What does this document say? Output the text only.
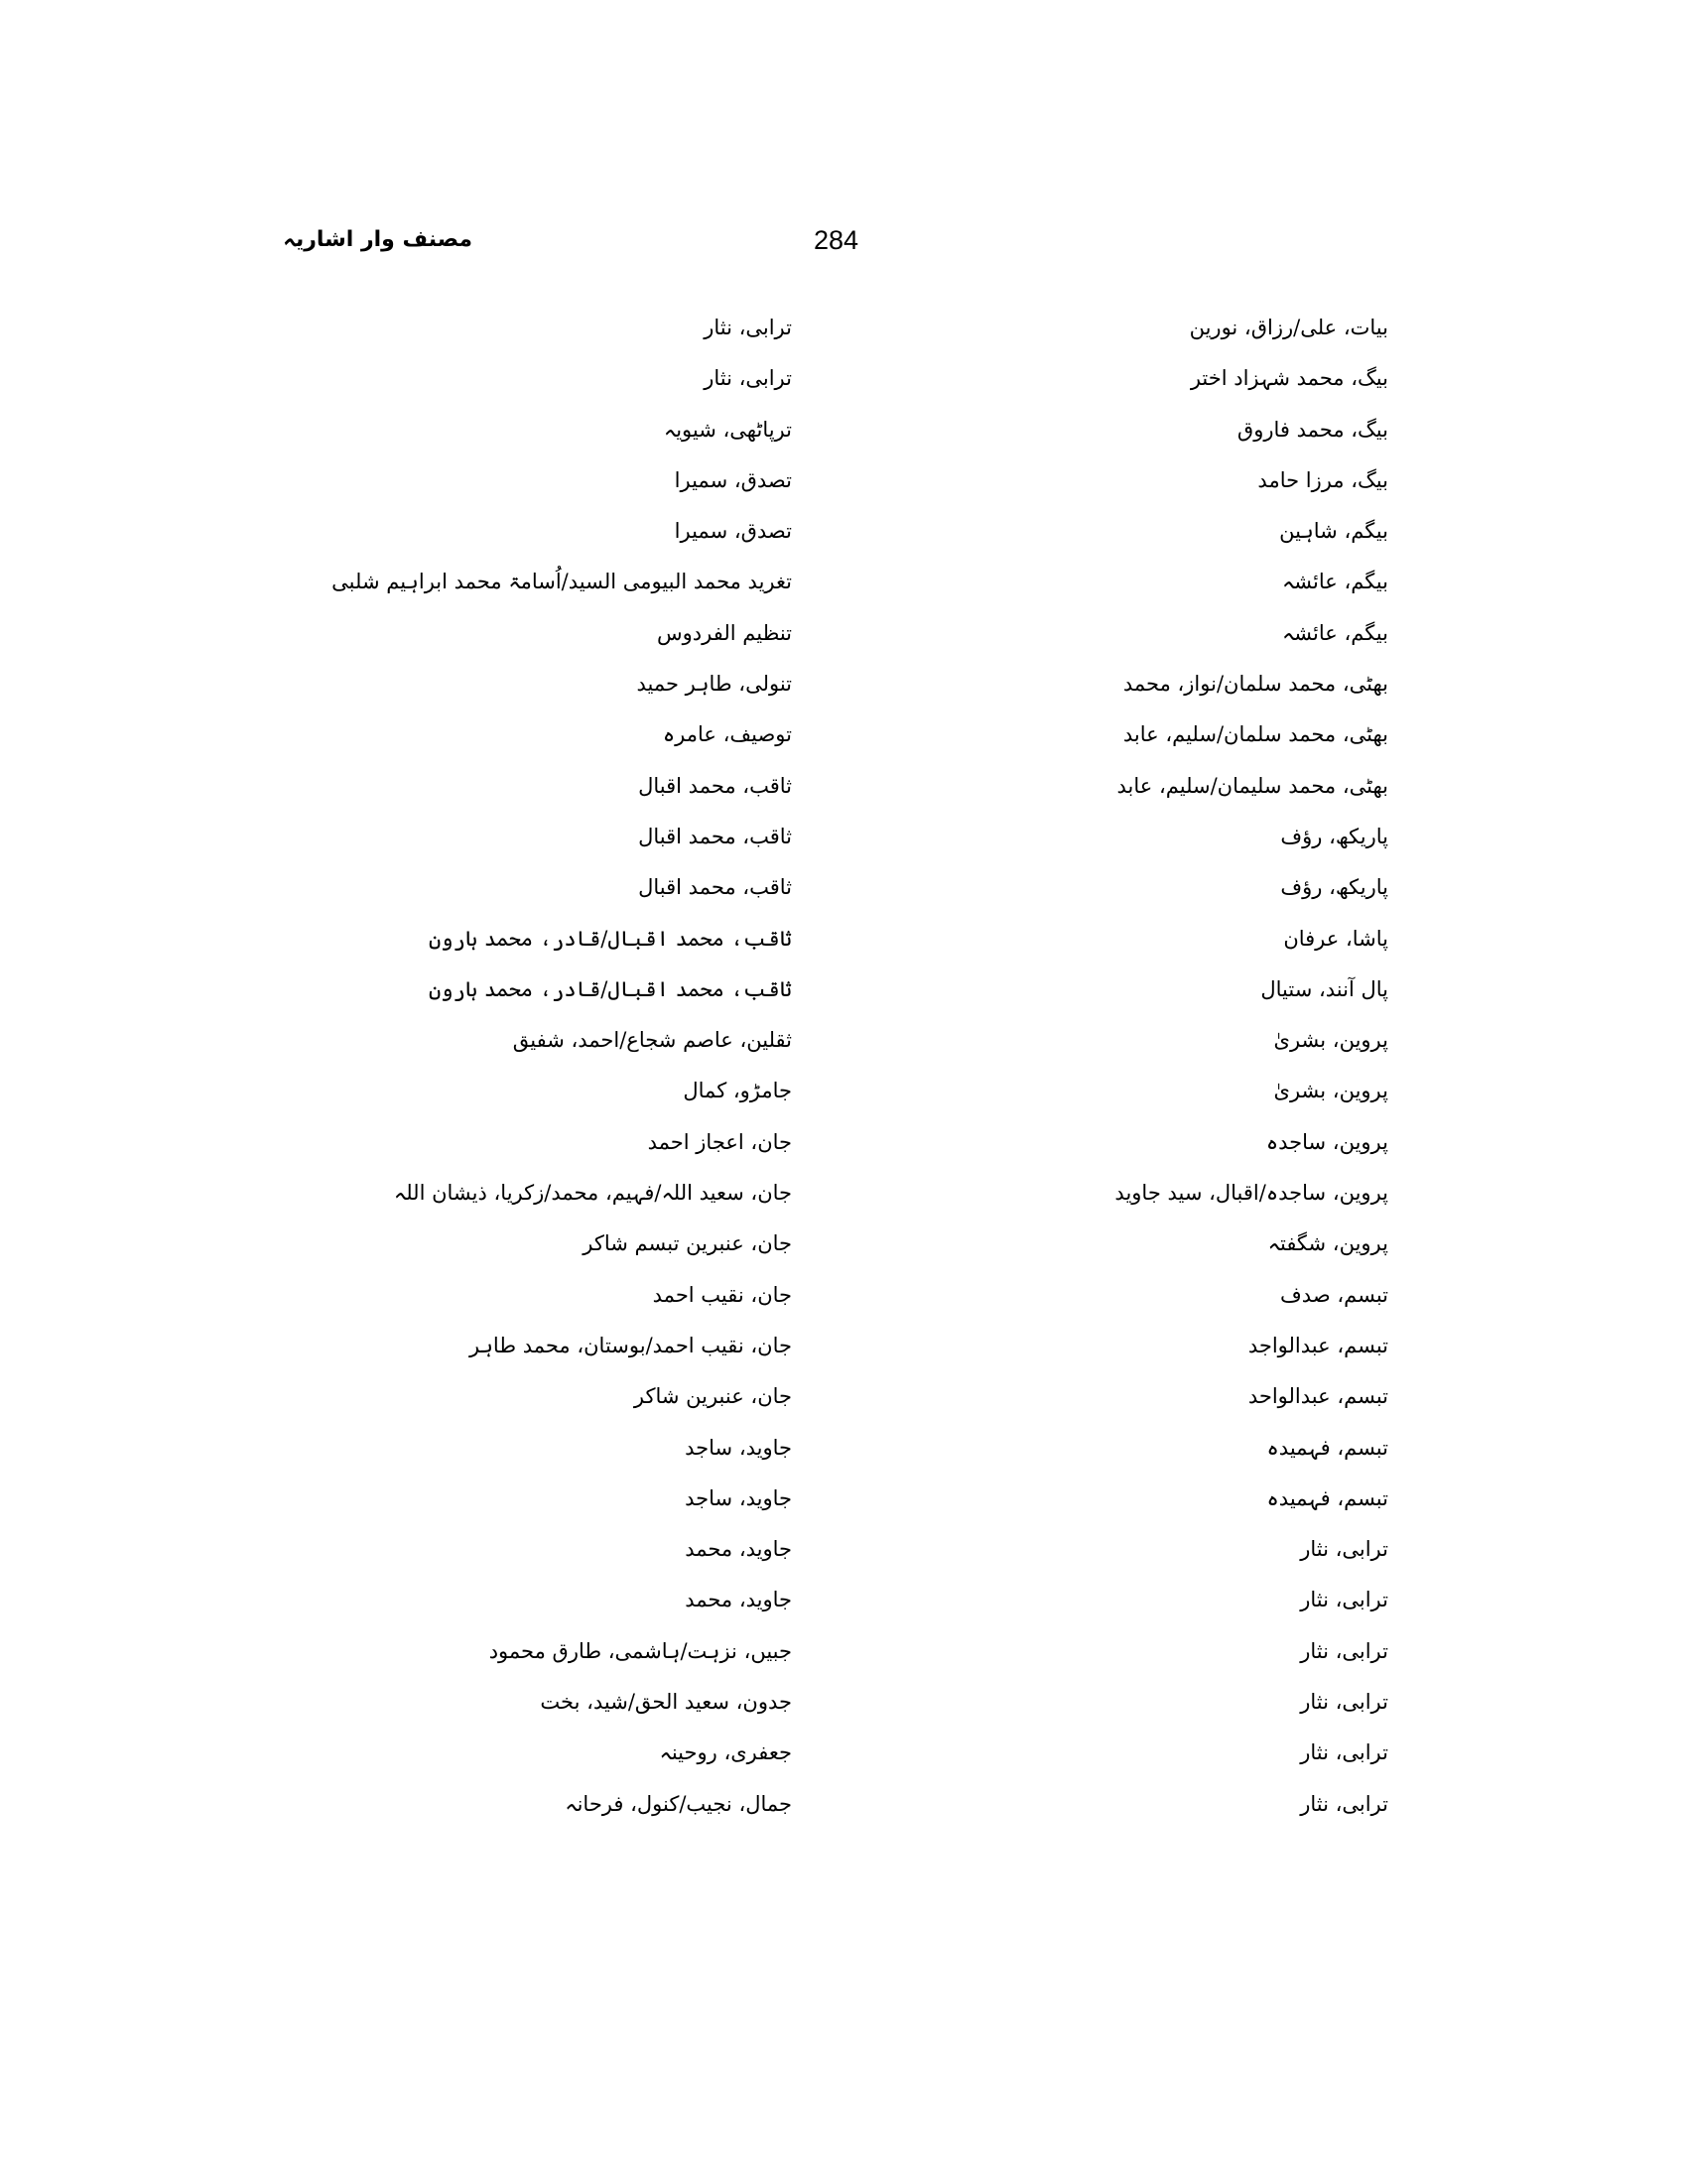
مصنف وار اشاریہ	284
بیات، علی/رزاق، نورین
بیگ، محمد شہزاد اختر
بیگ، محمد فاروق
بیگ، مرزا حامد
بیگم، شاہین
بیگم، عائشہ
بیگم، عائشہ
بھٹی، محمد سلمان/نواز، محمد
بھٹی، محمد سلمان/سلیم، عابد
بھٹی، محمد سلیمان/سلیم، عابد
پاریکھ، رؤف
پاریکھ، رؤف
پاشا، عرفان
پال آنند، ستیال
پروین، بشریٰ
پروین، بشریٰ
پروین، ساجدہ
پروین، ساجدہ/اقبال، سید جاوید
پروین، شگفتہ
تبسم، صدف
تبسم، عبدالواجد
تبسم، عبدالواحد
تبسم، فہمیدہ
تبسم، فہمیدہ
ترابی، نثار
ترابی، نثار
ترابی، نثار
ترابی، نثار
ترابی، نثار
ترابی، نثار
ترابی، نثار
ترابی، نثار
ترپاٹھی، شیویہ
تصدق، سمیرا
تصدق، سمیرا
تغرید محمد البیومی السید/اُسامۃ محمد ابراہیم شلبی
تنظیم الفردوس
تنولی، طاہر حمید
توصیف، عامرہ
ثاقب، محمد اقبال
ثاقب، محمد اقبال
ثاقب، محمد اقبال
ثاقب، محمد اقبال/قادر، محمد ہارون
ثاقب، محمد اقبال/قادر، محمد ہارون
ثقلین، عاصم شجاع/احمد، شفیق
جامڑو، کمال
جان، اعجاز احمد
جان، سعید اللہ/فہیم، محمد/زکریا، ذیشان اللہ
جان، عنبرین تبسم شاکر
جان، نقیب احمد
جان، نقیب احمد/بوستان، محمد طاہر
جان، عنبرین شاکر
جاوید، ساجد
جاوید، ساجد
جاوید، محمد
جاوید، محمد
جبیں، نزہت/ہاشمی، طارق محمود
جدون، سعید الحق/شید، بخت
جعفری، روحینہ
جمال، نجیب/کنول، فرحانہ
